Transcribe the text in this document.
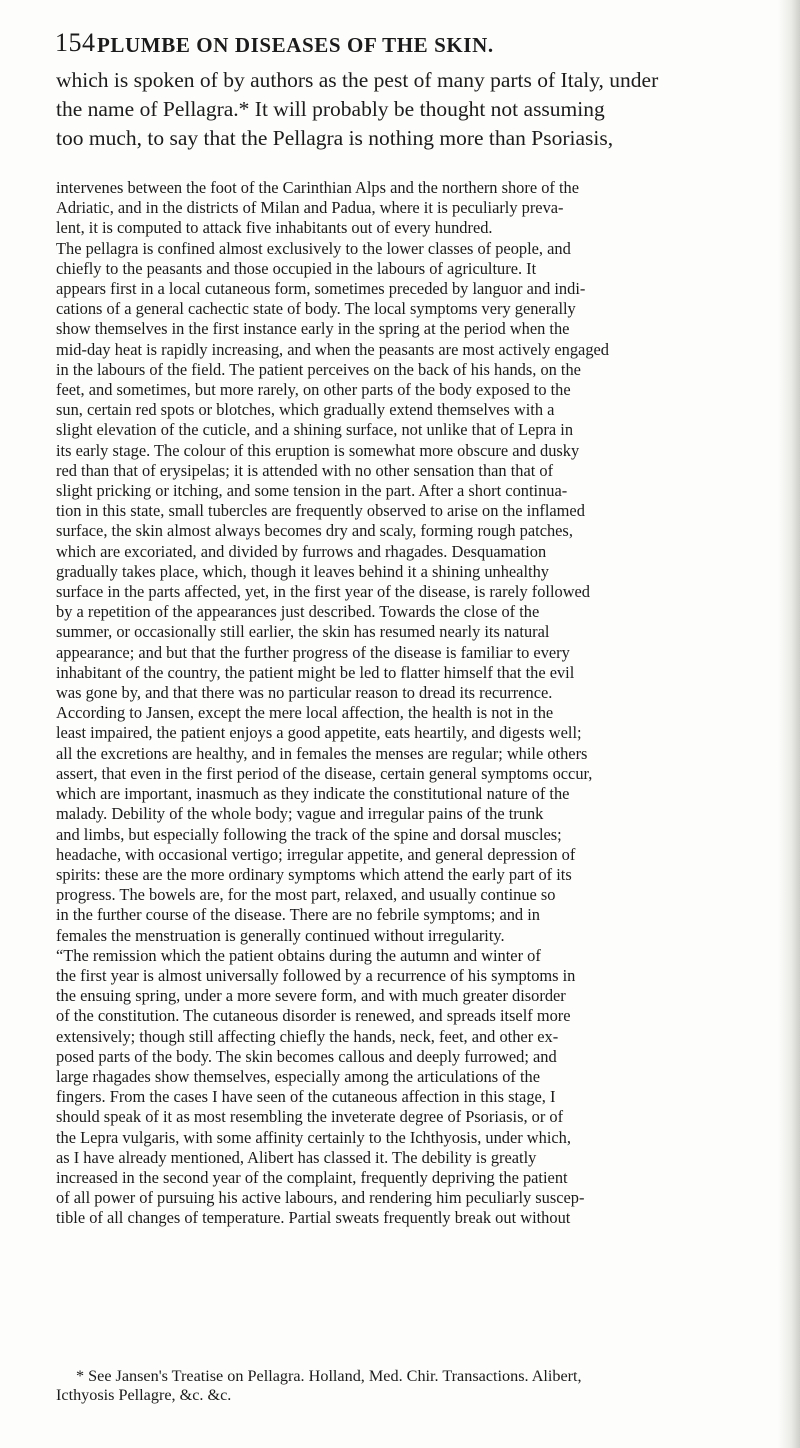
154 PLUMBE ON DISEASES OF THE SKIN.
which is spoken of by authors as the pest of many parts of Italy, under
the name of Pellagra.* It will probably be thought not assuming
too much, to say that the Pellagra is nothing more than Psoriasis,
intervenes between the foot of the Carinthian Alps and the northern shore of the
Adriatic, and in the districts of Milan and Padua, where it is peculiarly preva-
lent, it is computed to attack five inhabitants out of every hundred.
The pellagra is confined almost exclusively to the lower classes of people, and
chiefly to the peasants and those occupied in the labours of agriculture. It
appears first in a local cutaneous form, sometimes preceded by languor and indi-
cations of a general cachectic state of body. The local symptoms very generally
show themselves in the first instance early in the spring at the period when the
mid-day heat is rapidly increasing, and when the peasants are most actively engaged
in the labours of the field. The patient perceives on the back of his hands, on the
feet, and sometimes, but more rarely, on other parts of the body exposed to the
sun, certain red spots or blotches, which gradually extend themselves with a
slight elevation of the cuticle, and a shining surface, not unlike that of Lepra in
its early stage. The colour of this eruption is somewhat more obscure and dusky
red than that of erysipelas; it is attended with no other sensation than that of
slight pricking or itching, and some tension in the part. After a short continua-
tion in this state, small tubercles are frequently observed to arise on the inflamed
surface, the skin almost always becomes dry and scaly, forming rough patches,
which are excoriated, and divided by furrows and rhagades. Desquamation
gradually takes place, which, though it leaves behind it a shining unhealthy
surface in the parts affected, yet, in the first year of the disease, is rarely followed
by a repetition of the appearances just described. Towards the close of the
summer, or occasionally still earlier, the skin has resumed nearly its natural
appearance; and but that the further progress of the disease is familiar to every
inhabitant of the country, the patient might be led to flatter himself that the evil
was gone by, and that there was no particular reason to dread its recurrence.
According to Jansen, except the mere local affection, the health is not in the
least impaired, the patient enjoys a good appetite, eats heartily, and digests well;
all the excretions are healthy, and in females the menses are regular; while others
assert, that even in the first period of the disease, certain general symptoms occur,
which are important, inasmuch as they indicate the constitutional nature of the
malady. Debility of the whole body; vague and irregular pains of the trunk
and limbs, but especially following the track of the spine and dorsal muscles;
headache, with occasional vertigo; irregular appetite, and general depression of
spirits: these are the more ordinary symptoms which attend the early part of its
progress. The bowels are, for the most part, relaxed, and usually continue so
in the further course of the disease. There are no febrile symptoms; and in
females the menstruation is generally continued without irregularity.
“The remission which the patient obtains during the autumn and winter of
the first year is almost universally followed by a recurrence of his symptoms in
the ensuing spring, under a more severe form, and with much greater disorder
of the constitution. The cutaneous disorder is renewed, and spreads itself more
extensively; though still affecting chiefly the hands, neck, feet, and other ex-
posed parts of the body. The skin becomes callous and deeply furrowed; and
large rhagades show themselves, especially among the articulations of the
fingers. From the cases I have seen of the cutaneous affection in this stage, I
should speak of it as most resembling the inveterate degree of Psoriasis, or of
the Lepra vulgaris, with some affinity certainly to the Ichthyosis, under which,
as I have already mentioned, Alibert has classed it. The debility is greatly
increased in the second year of the complaint, frequently depriving the patient
of all power of pursuing his active labours, and rendering him peculiarly suscep-
tible of all changes of temperature. Partial sweats frequently break out without
* See Jansen's Treatise on Pellagra. Holland, Med. Chir. Transactions. Alibert,
Icthyosis Pellagre, &c. &c.
